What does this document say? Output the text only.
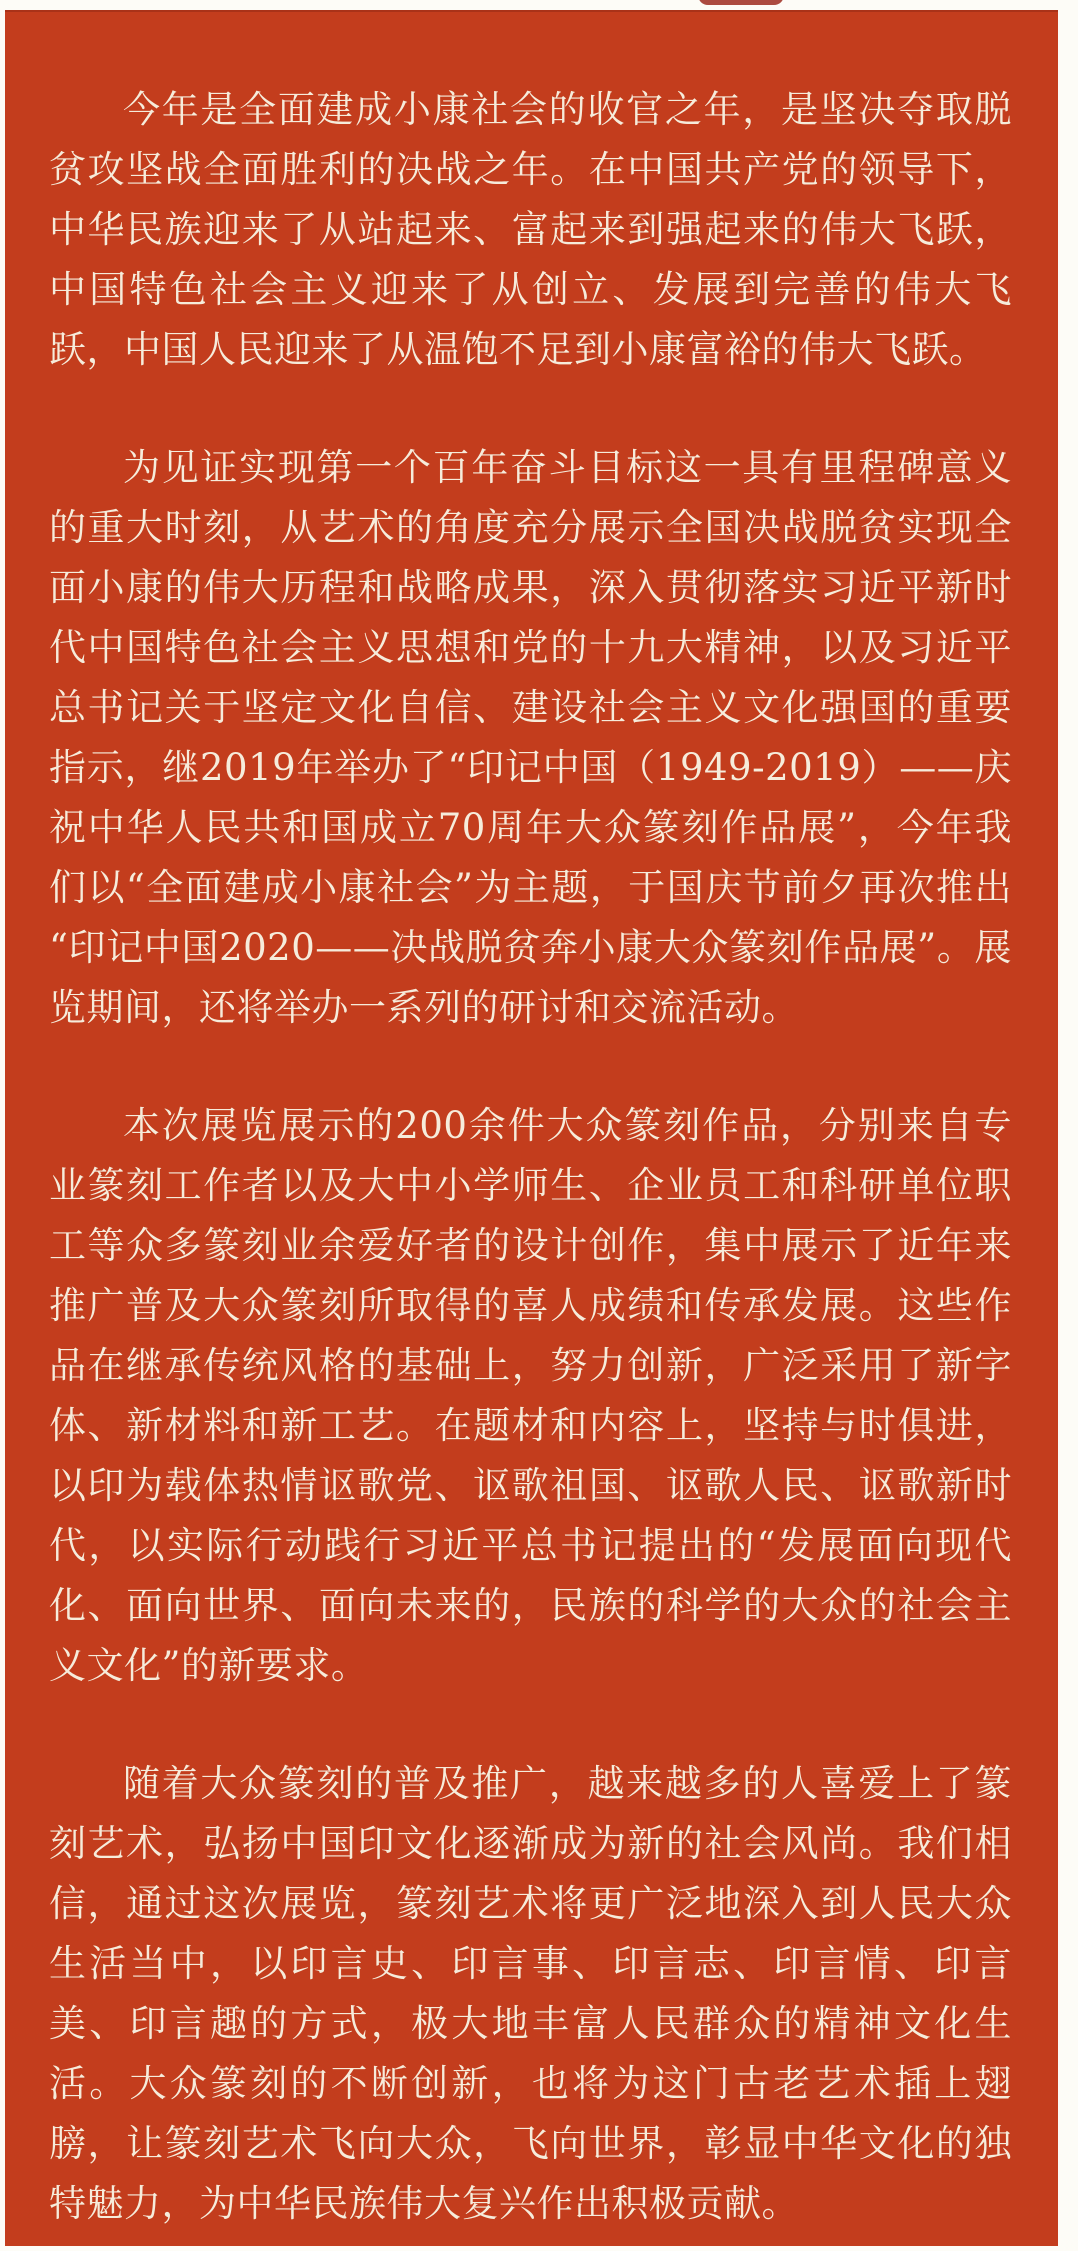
今年是全面建成小康社会的收官之年，是坚决夺取脱贫攻坚战全面胜利的决战之年。在中国共产党的领导下，中华民族迎来了从站起来、富起来到强起来的伟大飞跃，中国特色社会主义迎来了从创立、发展到完善的伟大飞跃，中国人民迎来了从温饱不足到小康富裕的伟大飞跃。

为见证实现第一个百年奋斗目标这一具有里程碑意义的重大时刻，从艺术的角度充分展示全国决战脱贫实现全面小康的伟大历程和战略成果，深入贯彻落实习近平新时代中国特色社会主义思想和党的十九大精神，以及习近平总书记关于坚定文化自信、建设社会主义文化强国的重要指示，继2019年举办了“印记中国（1949-2019）——庆祝中华人民共和国成立70周年大众篆刻作品展”，今年我们以“全面建成小康社会”为主题，于国庆节前夕再次推出 “印记中国2020——决战脱贫奔小康大众篆刻作品展”。展览期间，还将举办一系列的研讨和交流活动。

本次展览展示的200余件大众篆刻作品，分别来自专业篆刻工作者以及大中小学师生、企业员工和科研单位职工等众多篆刻业余爱好者的设计创作，集中展示了近年来推广普及大众篆刻所取得的喜人成绩和传承发展。这些作品在继承传统风格的基础上，努力创新，广泛采用了新字体、新材料和新工艺。在题材和内容上，坚持与时俱进，以印为载体热情讴歌党、讴歌祖国、讴歌人民、讴歌新时代，以实际行动践行习近平总书记提出的“发展面向现代化、面向世界、面向未来的，民族的科学的大众的社会主义文化”的新要求。

随着大众篆刻的普及推广，越来越多的人喜爱上了篆刻艺术，弘扬中国印文化逐渐成为新的社会风尚。我们相信，通过这次展览，篆刻艺术将更广泛地深入到人民大众生活当中，以印言史、印言事、印言志、印言情、印言美、印言趣的方式，极大地丰富人民群众的精神文化生活。大众篆刻的不断创新，也将为这门古老艺术插上翅膀，让篆刻艺术飞向大众，飞向世界，彰显中华文化的独特魅力，为中华民族伟大复兴作出积极贡献。
